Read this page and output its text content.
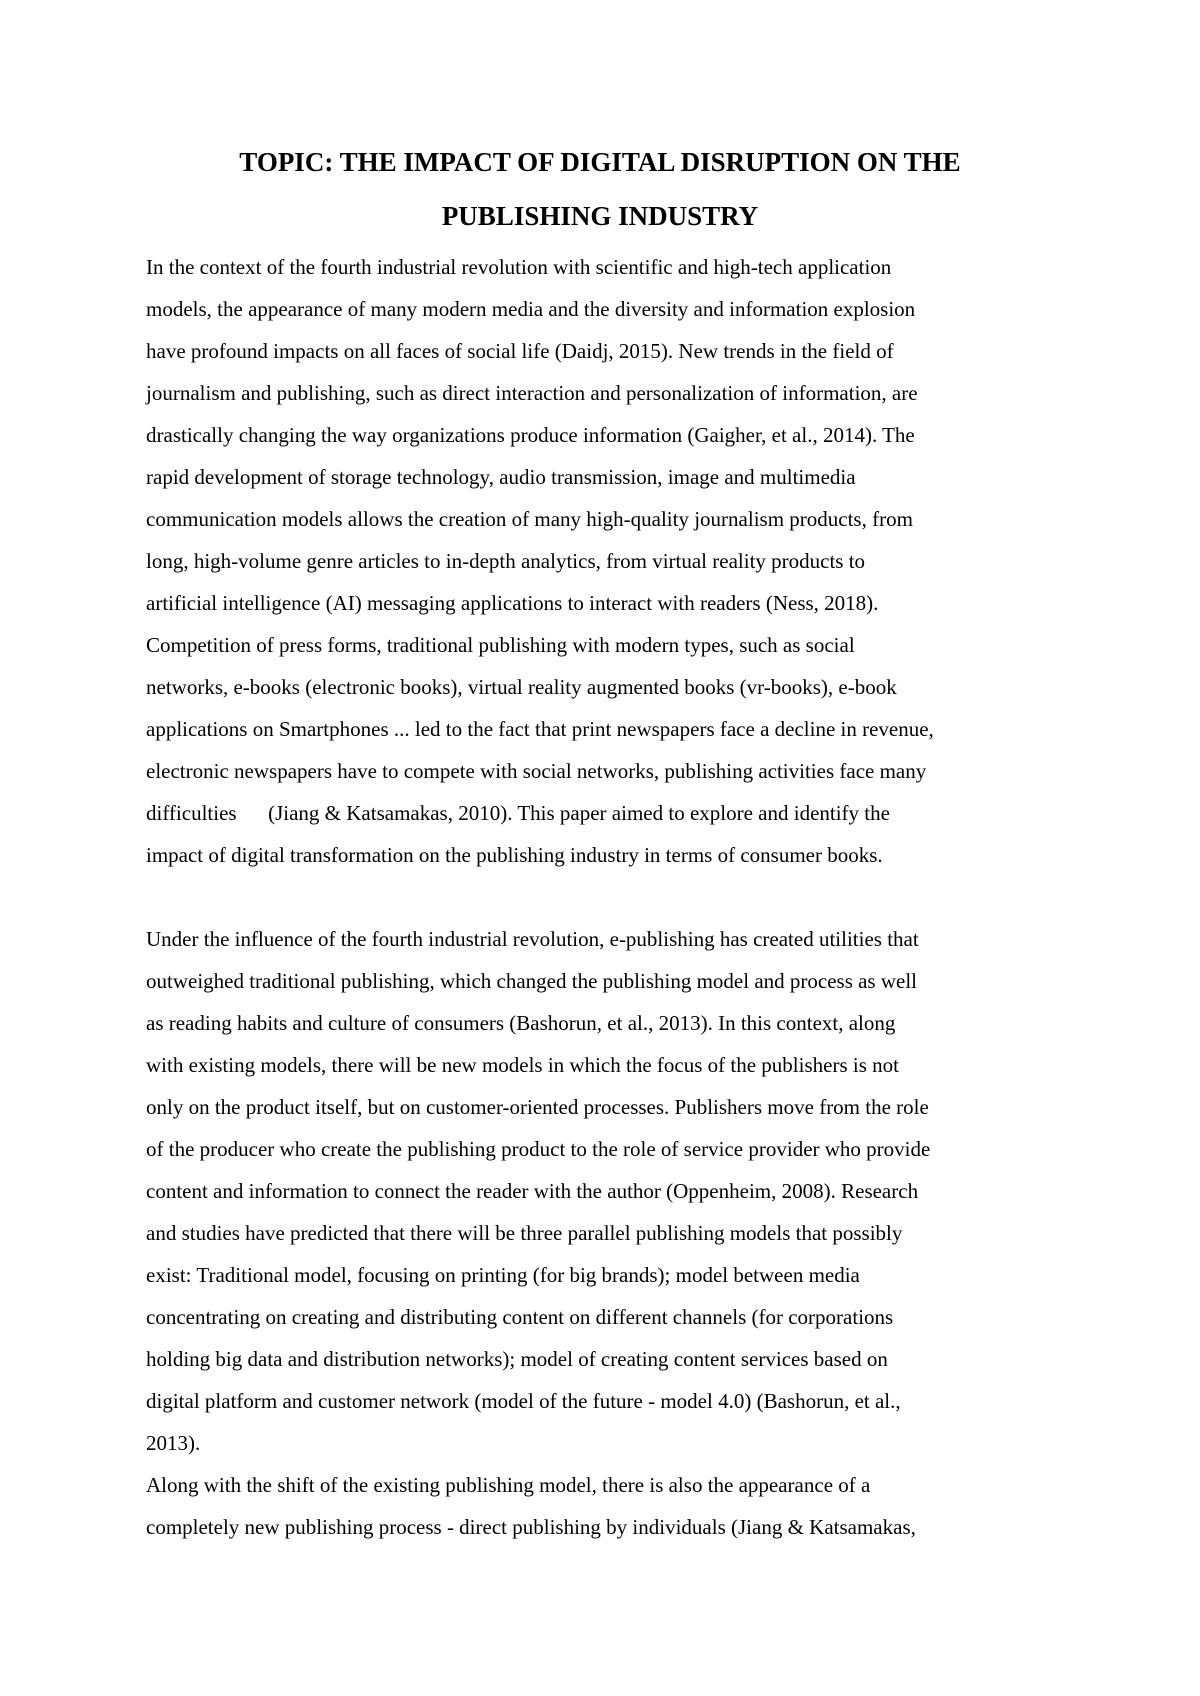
TOPIC: THE IMPACT OF DIGITAL DISRUPTION ON THE
PUBLISHING INDUSTRY

In the context of the fourth industrial revolution with scientific and high-tech application

models, the appearance of many modern media and the diversity and information explosion

have profound impacts on all faces of social life (Daidj, 2015). New trends in the field of

journalism and publishing, such as direct interaction and personalization of information, are

drastically changing the way organizations produce information (Gaigher, et al., 2014). The

rapid development of storage technology, audio transmission, image and multimedia

communication models allows the creation of many high-quality journalism products, from

long, high-volume genre articles to in-depth analytics, from virtual reality products to

artificial intelligence (AI) messaging applications to interact with readers (Ness, 2018).

Competition of press forms, traditional publishing with modern types, such as social

networks, e-books (electronic books), virtual reality augmented books (vr-books), e-book

applications on Smartphones ... led to the fact that print newspapers face a decline in revenue,

electronic newspapers have to compete with social networks, publishing activities face many

difficulties      (Jiang & Katsamakas, 2010). This paper aimed to explore and identify the

impact of digital transformation on the publishing industry in terms of consumer books.

Under the influence of the fourth industrial revolution, e-publishing has created utilities that

outweighed traditional publishing, which changed the publishing model and process as well

as reading habits and culture of consumers (Bashorun, et al., 2013). In this context, along

with existing models, there will be new models in which the focus of the publishers is not

only on the product itself, but on customer-oriented processes. Publishers move from the role

of the producer who create the publishing product to the role of service provider who provide

content and information to connect the reader with the author (Oppenheim, 2008). Research

and studies have predicted that there will be three parallel publishing models that possibly

exist: Traditional model, focusing on printing (for big brands); model between media

concentrating on creating and distributing content on different channels (for corporations

holding big data and distribution networks); model of creating content services based on

digital platform and customer network (model of the future - model 4.0) (Bashorun, et al.,

2013).

Along with the shift of the existing publishing model, there is also the appearance of a

completely new publishing process - direct publishing by individuals (Jiang & Katsamakas,
